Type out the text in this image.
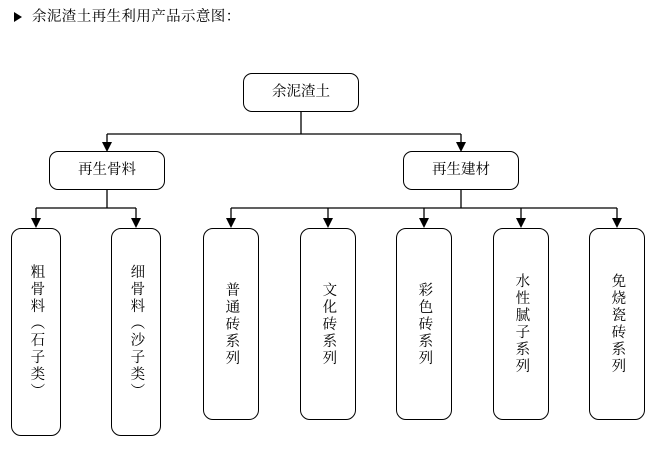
余泥渣土再生利用产品示意图：
余泥渣土
再生骨料	再生建材
粗骨料（石子类）	细骨料（沙子类）	普通砖系列	文化砖系列	彩色砖系列	水性腻子系列	免烧瓷砖系列
